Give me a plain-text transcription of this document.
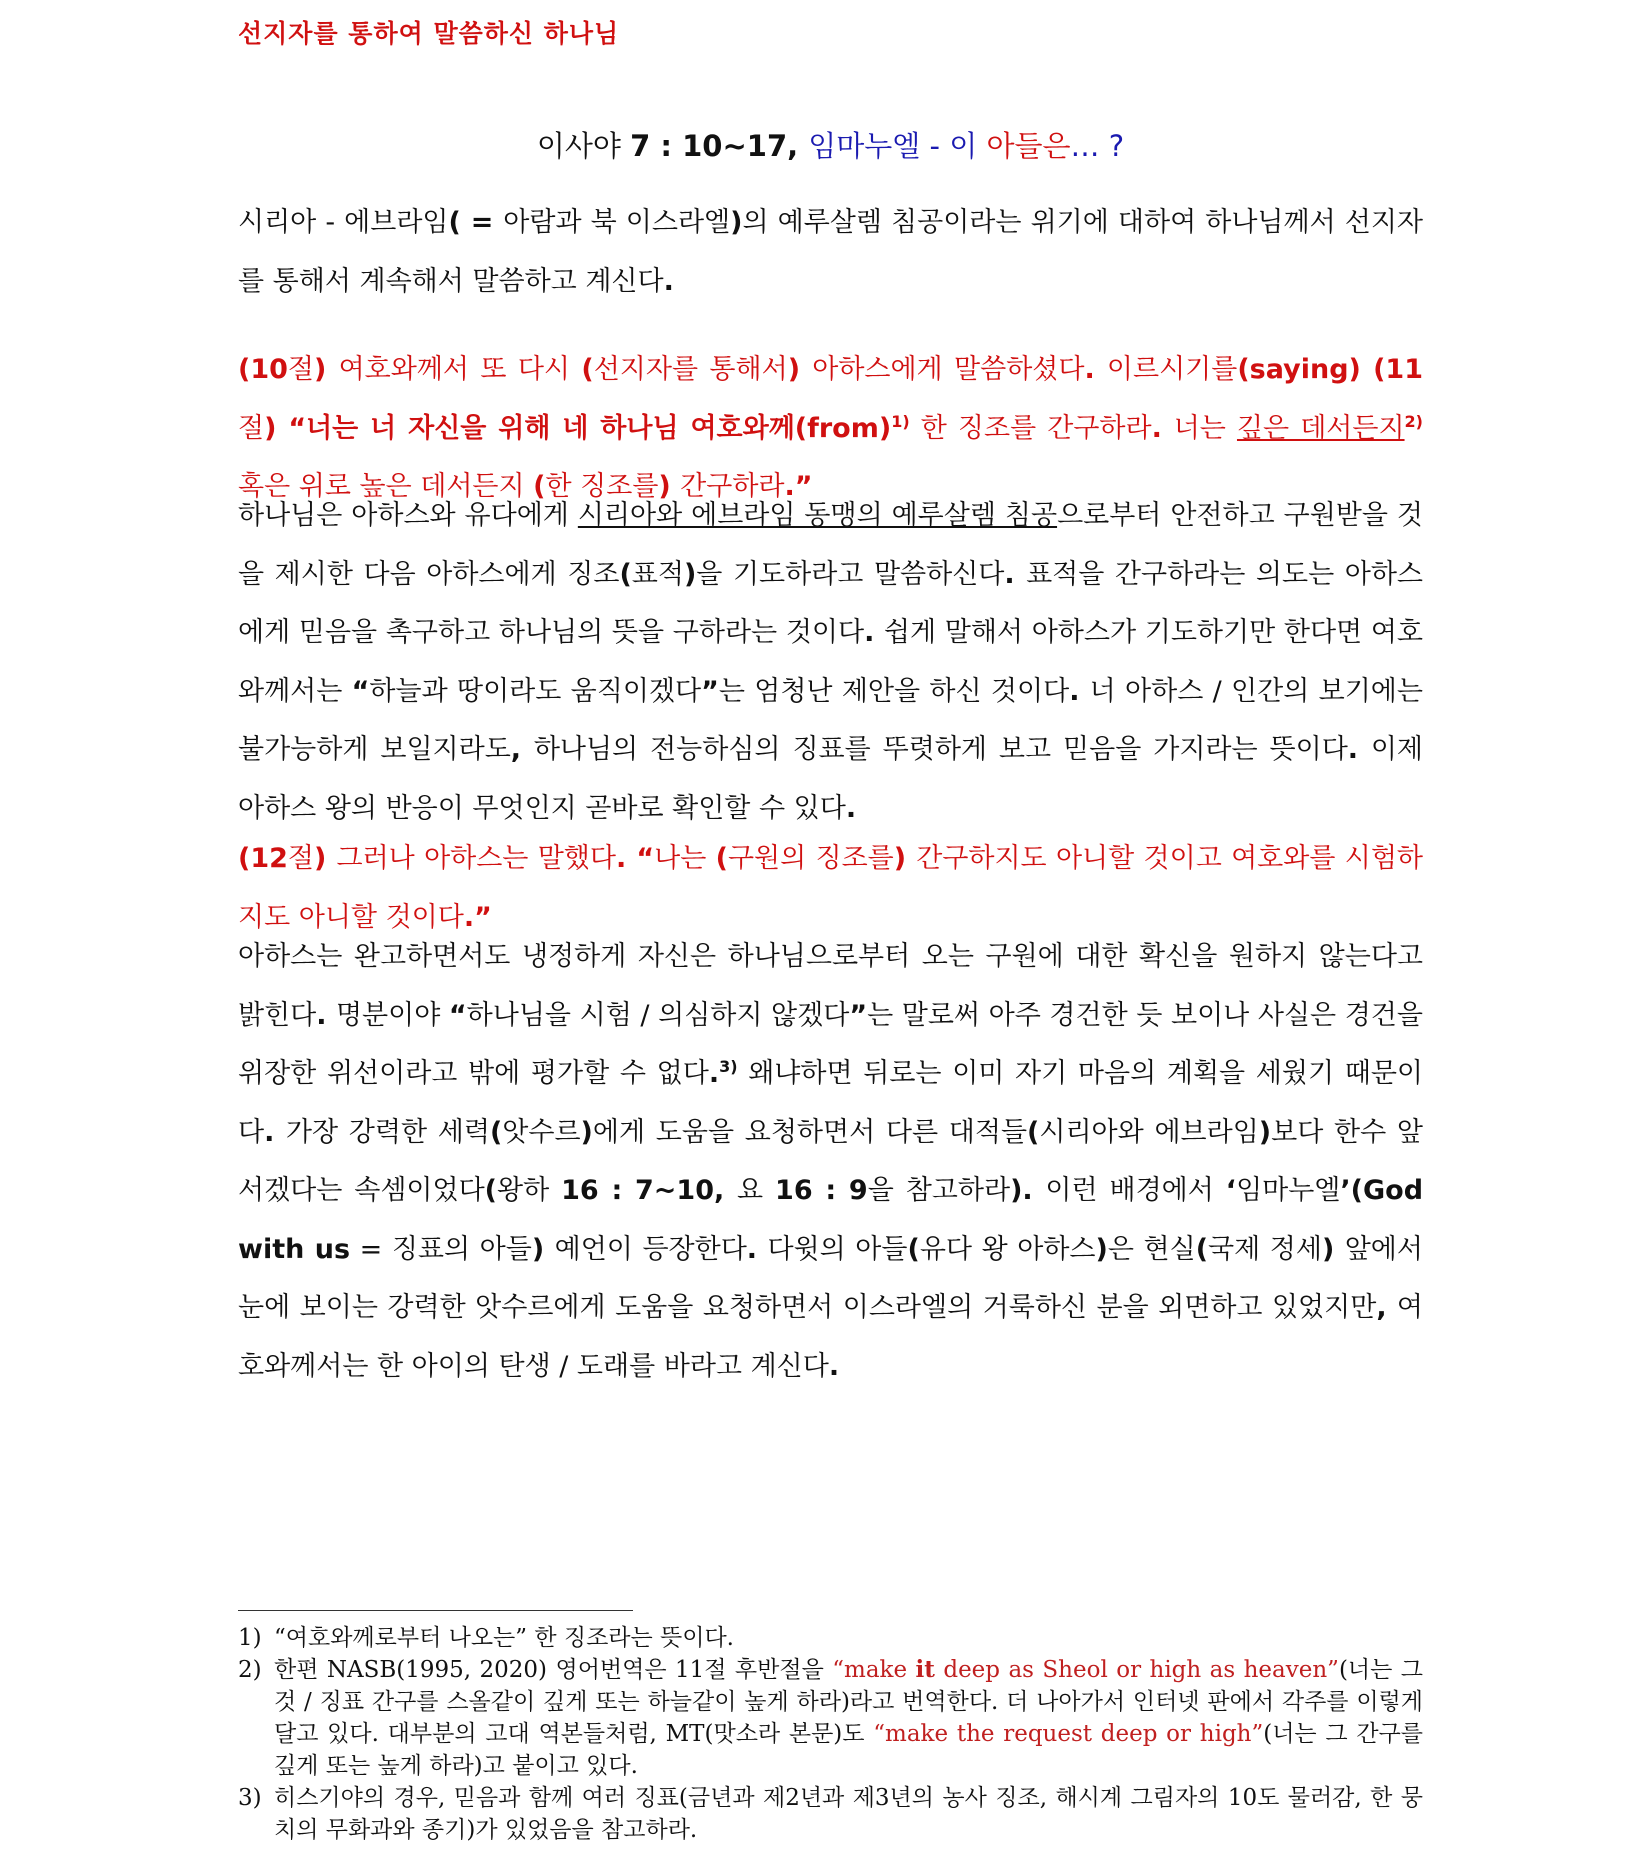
선지자를 통하여 말씀하신 하나님
이사야 7 : 10~17, 임마누엘 - 이 아들은… ?
시리아 - 에브라임( = 아람과 북 이스라엘)의 예루살렘 침공이라는 위기에 대하여 하나님께서 선지자를 통해서 계속해서 말씀하고 계신다.
(10절) 여호와께서 또 다시 (선지자를 통해서) 아하스에게 말씀하셨다. 이르시기를(saying) (11절) “너는 너 자신을 위해 네 하나님 여호와께(from)$^{1)}$ 한 징조를 간구하라. 너는 깊은 데서든지$^{2)}$ 혹은 위로 높은 데서든지 (한 징조를) 간구하라.”
하나님은 아하스와 유다에게 시리아와 에브라임 동맹의 예루살렘 침공으로부터 안전하고 구원받을 것을 제시한 다음 아하스에게 징조(표적)을 기도하라고 말씀하신다. 표적을 간구하라는 의도는 아하스에게 믿음을 촉구하고 하나님의 뜻을 구하라는 것이다. 쉽게 말해서 아하스가 기도하기만 한다면 여호와께서는 “하늘과 땅이라도 움직이겠다”는 엄청난 제안을 하신 것이다. 너 아하스 / 인간의 보기에는 불가능하게 보일지라도, 하나님의 전능하심의 징표를 뚜렷하게 보고 믿음을 가지라는 뜻이다. 이제 아하스 왕의 반응이 무엇인지 곧바로 확인할 수 있다.
(12절) 그러나 아하스는 말했다. “나는 (구원의 징조를) 간구하지도 아니할 것이고 여호와를 시험하지도 아니할 것이다.”
아하스는 완고하면서도 냉정하게 자신은 하나님으로부터 오는 구원에 대한 확신을 원하지 않는다고 밝힌다. 명분이야 “하나님을 시험 / 의심하지 않겠다”는 말로써 아주 경건한 듯 보이나 사실은 경건을 위장한 위선이라고 밖에 평가할 수 없다.$^{3)}$ 왜냐하면 뒤로는 이미 자기 마음의 계획을 세웠기 때문이다. 가장 강력한 세력(앗수르)에게 도움을 요청하면서 다른 대적들(시리아와 에브라임)보다 한수 앞서겠다는 속셈이었다(왕하 16 : 7~10, 요 16 : 9을 참고하라). 이런 배경에서 ‘임마누엘’(God with us = 징표의 아들) 예언이 등장한다. 다윗의 아들(유다 왕 아하스)은 현실(국제 정세) 앞에서 눈에 보이는 강력한 앗수르에게 도움을 요청하면서 이스라엘의 거룩하신 분을 외면하고 있었지만, 여호와께서는 한 아이의 탄생 / 도래를 바라고 계신다.

1) “여호와께로부터 나오는” 한 징조라는 뜻이다.

2) 한편 NASB(1995, 2020) 영어번역은 11절 후반절을 “make it deep as Sheol or high as heaven”(너는 그것 / 징표 간구를 스올같이 깊게 또는 하늘같이 높게 하라)라고 번역한다. 더 나아가서 인터넷 판에서 각주를 이렇게 달고 있다. 대부분의 고대 역본들처럼, MT(맛소라 본문)도 “make the request deep or high”(너는 그 간구를 깊게 또는 높게 하라)고 붙이고 있다.

3) 히스기야의 경우, 믿음과 함께 여러 징표(금년과 제2년과 제3년의 농사 징조, 해시계 그림자의 10도 물러감, 한 뭉치의 무화과와 종기)가 있었음을 참고하라.
